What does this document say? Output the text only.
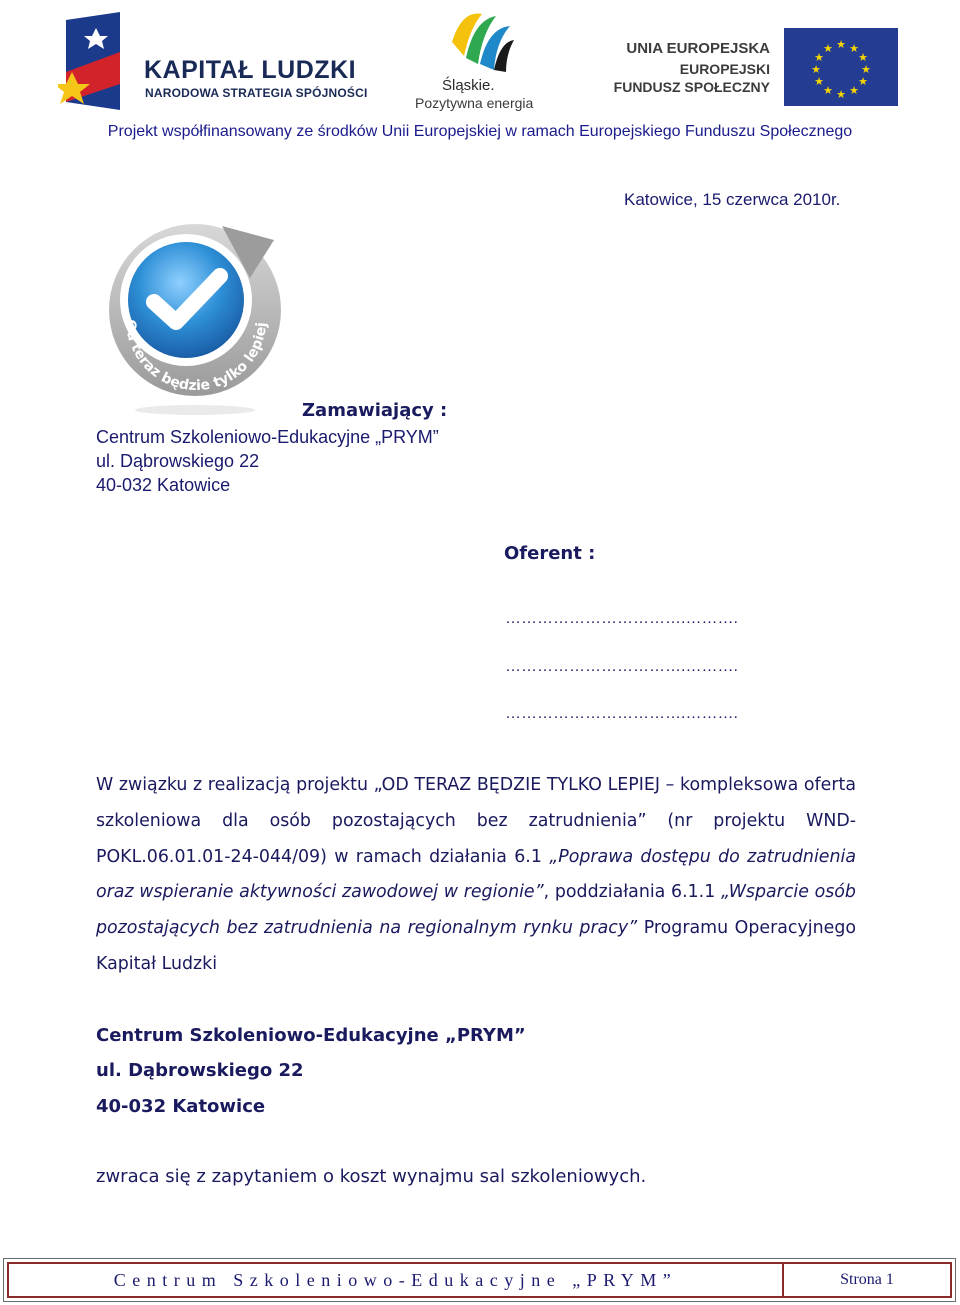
KAPITAŁ LUDZKI
NARODOWA STRATEGIA SPÓJNOŚCI	Śląskie.
Pozytywna energia
UNIA EUROPEJSKA
EUROPEJSKI
FUNDUSZ SPOŁECZNY
★ ★
★
★
★
★
★
★
★
★
★
★
Projekt współfinansowany ze środków Unii Europejskiej w ramach Europejskiego Funduszu Społecznego
Katowice, 15 czerwca 2010r.
Od teraz będzie tylko lepiej
Zamawiający :
Centrum Szkoleniowo-Edukacyjne „PRYM”
ul. Dąbrowskiego 22
40-032 Katowice
Oferent :
…………………………….……….
…………………………….……….
…………………………….……….
W związku z realizacją projektu „OD TERAZ BĘDZIE TYLKO LEPIEJ – kompleksowa oferta szkoleniowa dla osób pozostających bez zatrudnienia” (nr projektu WND-POKL.06.01.01-24-044/09) w ramach działania 6.1 „Poprawa dostępu do zatrudnienia oraz wspieranie aktywności zawodowej w regionie”, poddziałania 6.1.1 „Wsparcie osób pozostających bez zatrudnienia na regionalnym rynku pracy” Programu Operacyjnego Kapitał Ludzki
Centrum Szkoleniowo-Edukacyjne „PRYM”
ul. Dąbrowskiego 22
40-032 Katowice
zwraca się z zapytaniem o koszt wynajmu sal szkoleniowych.
Centrum Szkoleniowo-Edukacyjne „PRYM”	Strona 1
